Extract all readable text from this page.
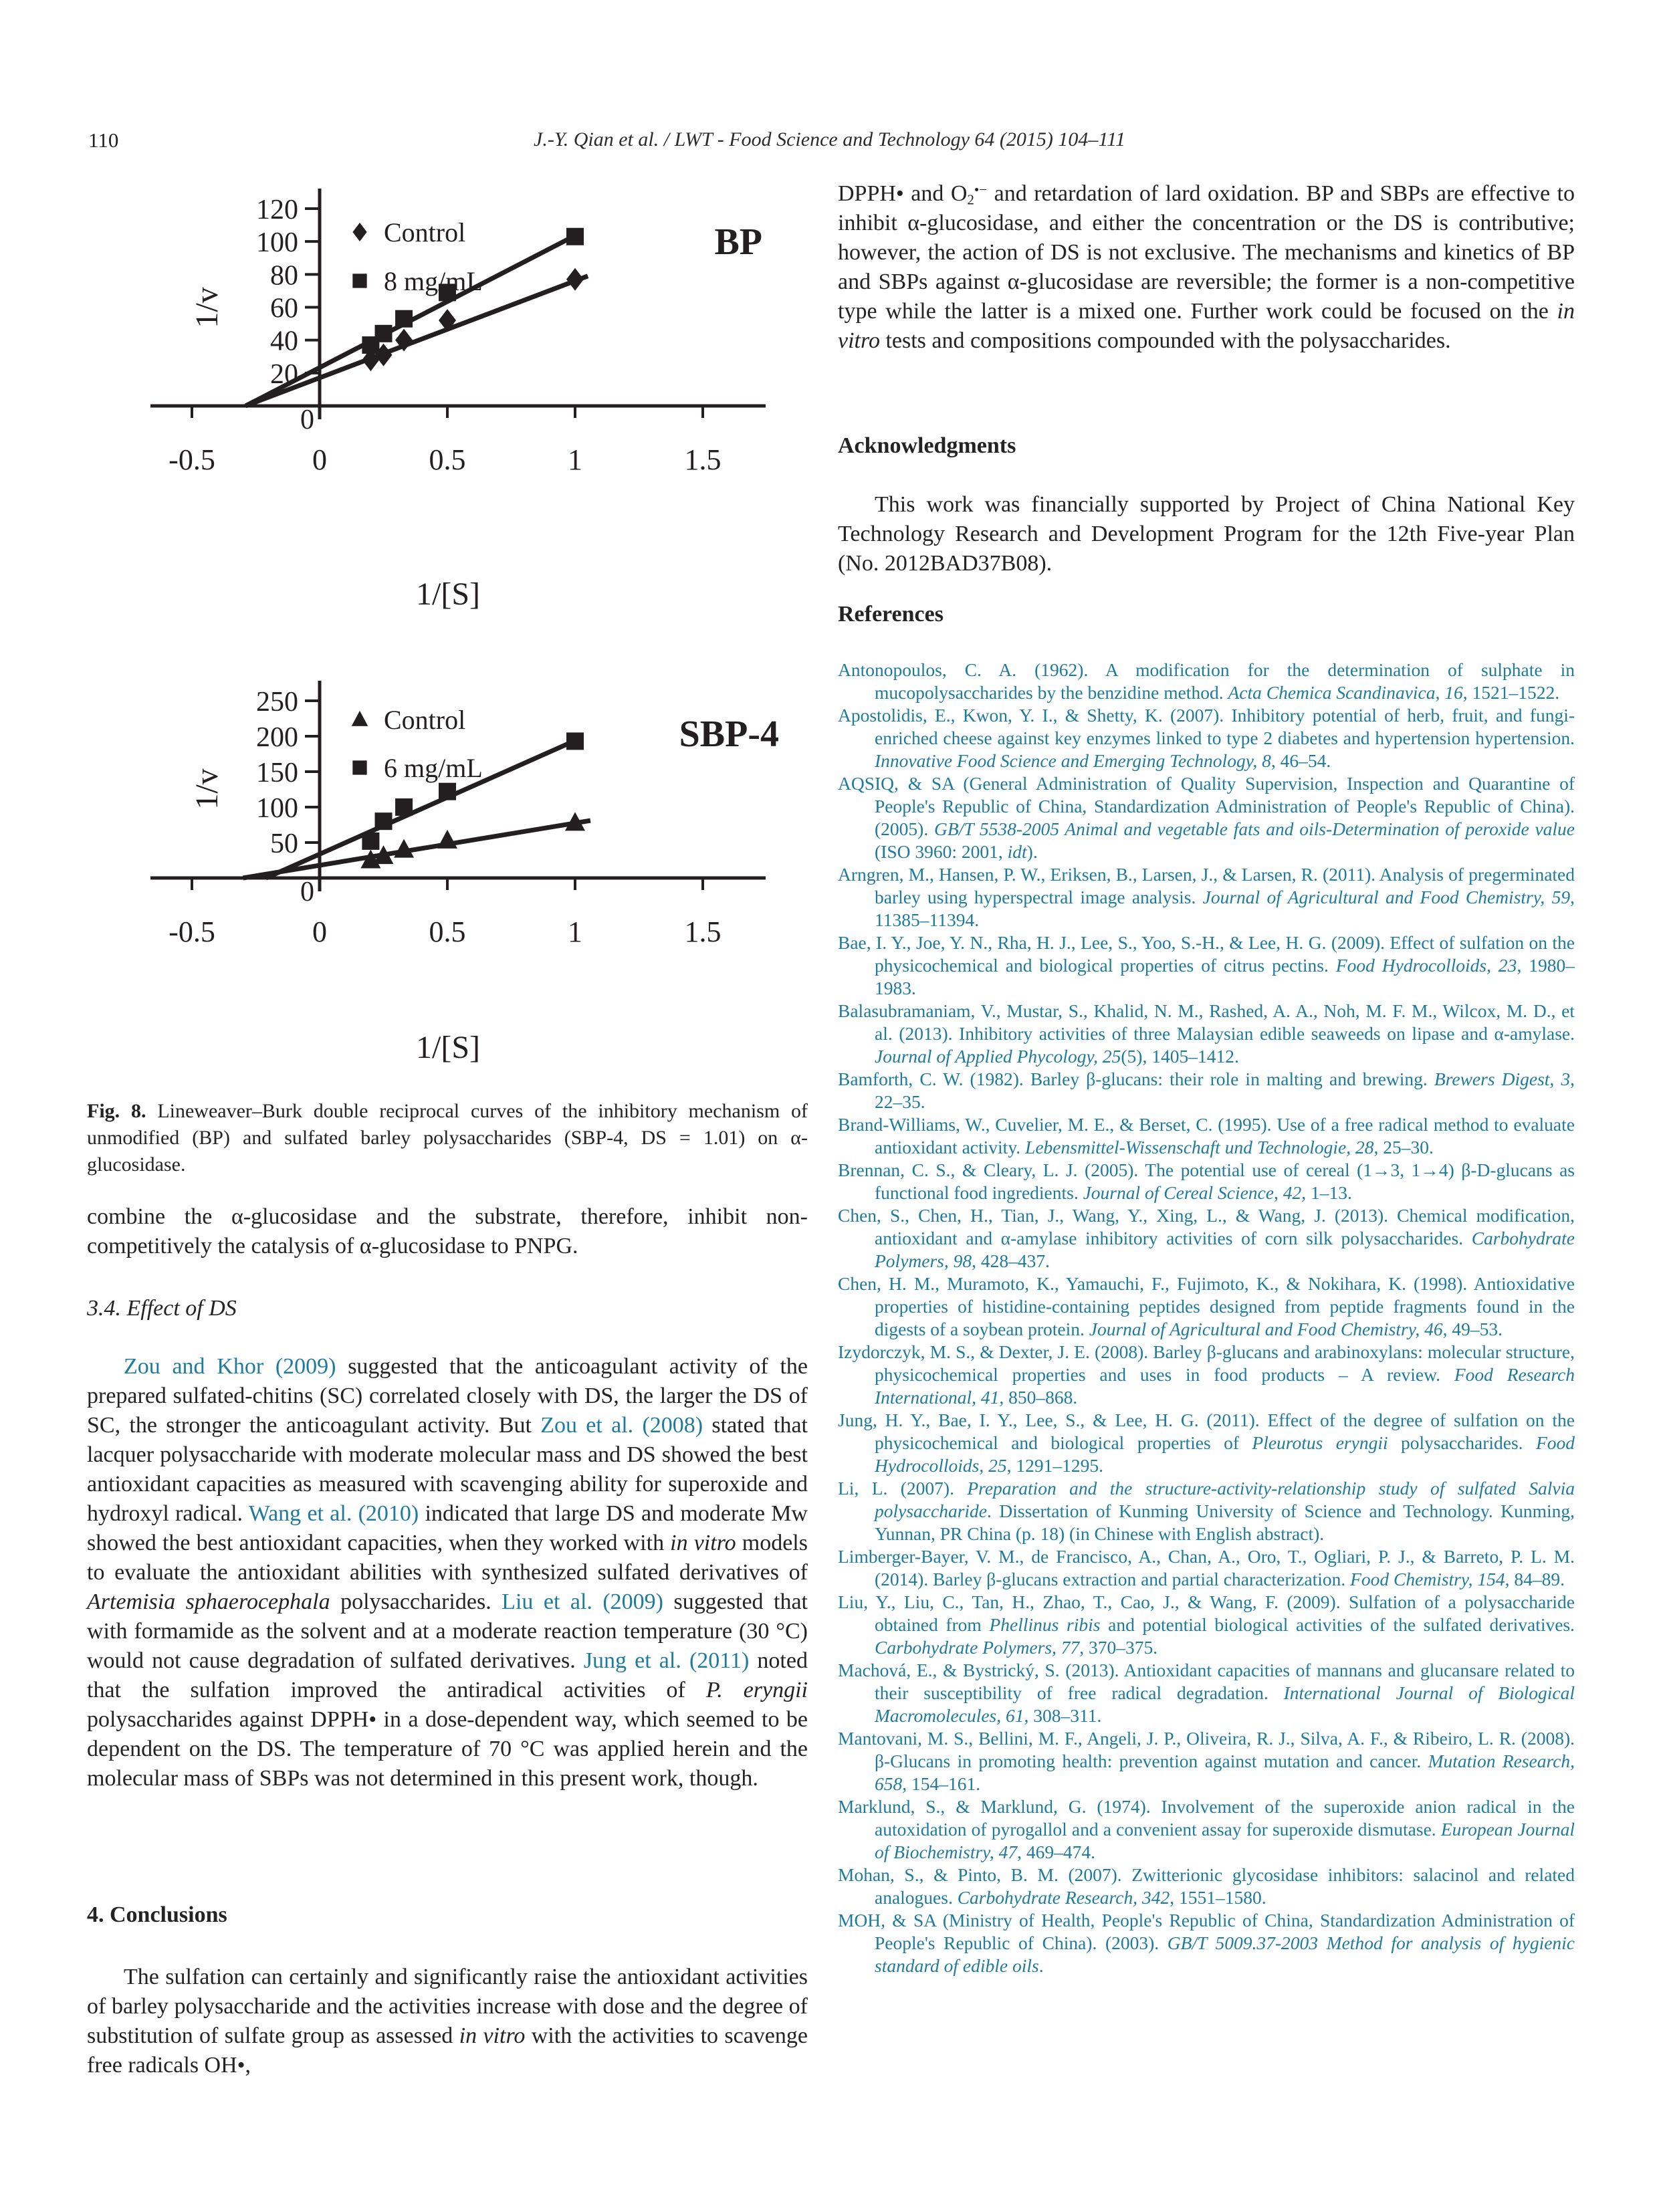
110	J.-Y. Qian et al. / LWT - Food Science and Technology 64 (2015) 104–111
0
20
40
60
80
100
120
-0.5	0	0.5	1	1.5
1/v
1/[S]
BP
Control
8 mg/mL
0
50
100
150
200
250
-0.5	0	0.5	1	1.5
1/v
1/[S]
SBP-4
Control
6 mg/mL
Fig. 8. Lineweaver–Burk double reciprocal curves of the inhibitory mechanism of unmodified (BP) and sulfated barley polysaccharides (SBP-4, DS = 1.01) on α-glucosidase.
combine the α-glucosidase and the substrate, therefore, inhibit non-competitively the catalysis of α-glucosidase to PNPG.
3.4. Effect of DS
Zou and Khor (2009) suggested that the anticoagulant activity of the prepared sulfated-chitins (SC) correlated closely with DS, the larger the DS of SC, the stronger the anticoagulant activity. But Zou et al. (2008) stated that lacquer polysaccharide with moderate molecular mass and DS showed the best antioxidant capacities as measured with scavenging ability for superoxide and hydroxyl radical. Wang et al. (2010) indicated that large DS and moderate Mw showed the best antioxidant capacities, when they worked with in vitro models to evaluate the antioxidant abilities with synthesized sulfated derivatives of Artemisia sphaerocephala polysaccharides. Liu et al. (2009) suggested that with formamide as the solvent and at a moderate reaction temperature (30 °C) would not cause degradation of sulfated derivatives. Jung et al. (2011) noted that the sulfation improved the antiradical activities of P. eryngii polysaccharides against DPPH• in a dose-dependent way, which seemed to be dependent on the DS. The temperature of 70 °C was applied herein and the molecular mass of SBPs was not determined in this present work, though.
4. Conclusions
The sulfation can certainly and significantly raise the antioxidant activities of barley polysaccharide and the activities increase with dose and the degree of substitution of sulfate group as assessed in vitro with the activities to scavenge free radicals OH•,
DPPH• and $O_2^{•-}$ and retardation of lard oxidation. BP and SBPs are effective to inhibit α-glucosidase, and either the concentration or the DS is contributive; however, the action of DS is not exclusive. The mechanisms and kinetics of BP and SBPs against α-glucosidase are reversible; the former is a non-competitive type while the latter is a mixed one. Further work could be focused on the in vitro tests and compositions compounded with the polysaccharides.
Acknowledgments
This work was financially supported by Project of China National Key Technology Research and Development Program for the 12th Five-year Plan (No. 2012BAD37B08).
References
Antonopoulos, C. A. (1962). A modification for the determination of sulphate in mucopolysaccharides by the benzidine method. Acta Chemica Scandinavica, 16, 1521–1522.
Apostolidis, E., Kwon, Y. I., & Shetty, K. (2007). Inhibitory potential of herb, fruit, and fungi-enriched cheese against key enzymes linked to type 2 diabetes and hypertension hypertension. Innovative Food Science and Emerging Technology, 8, 46–54.
AQSIQ, & SA (General Administration of Quality Supervision, Inspection and Quarantine of People's Republic of China, Standardization Administration of People's Republic of China). (2005). GB/T 5538-2005 Animal and vegetable fats and oils-Determination of peroxide value (ISO 3960: 2001, idt).
Arngren, M., Hansen, P. W., Eriksen, B., Larsen, J., & Larsen, R. (2011). Analysis of pregerminated barley using hyperspectral image analysis. Journal of Agricultural and Food Chemistry, 59, 11385–11394.
Bae, I. Y., Joe, Y. N., Rha, H. J., Lee, S., Yoo, S.-H., & Lee, H. G. (2009). Effect of sulfation on the physicochemical and biological properties of citrus pectins. Food Hydrocolloids, 23, 1980–1983.
Balasubramaniam, V., Mustar, S., Khalid, N. M., Rashed, A. A., Noh, M. F. M., Wilcox, M. D., et al. (2013). Inhibitory activities of three Malaysian edible seaweeds on lipase and α-amylase. Journal of Applied Phycology, 25(5), 1405–1412.
Bamforth, C. W. (1982). Barley β-glucans: their role in malting and brewing. Brewers Digest, 3, 22–35.
Brand-Williams, W., Cuvelier, M. E., & Berset, C. (1995). Use of a free radical method to evaluate antioxidant activity. Lebensmittel-Wissenschaft und Technologie, 28, 25–30.
Brennan, C. S., & Cleary, L. J. (2005). The potential use of cereal (1→3, 1→4) β-D-glucans as functional food ingredients. Journal of Cereal Science, 42, 1–13.
Chen, S., Chen, H., Tian, J., Wang, Y., Xing, L., & Wang, J. (2013). Chemical modification, antioxidant and α-amylase inhibitory activities of corn silk polysaccharides. Carbohydrate Polymers, 98, 428–437.
Chen, H. M., Muramoto, K., Yamauchi, F., Fujimoto, K., & Nokihara, K. (1998). Antioxidative properties of histidine-containing peptides designed from peptide fragments found in the digests of a soybean protein. Journal of Agricultural and Food Chemistry, 46, 49–53.
Izydorczyk, M. S., & Dexter, J. E. (2008). Barley β-glucans and arabinoxylans: molecular structure, physicochemical properties and uses in food products – A review. Food Research International, 41, 850–868.
Jung, H. Y., Bae, I. Y., Lee, S., & Lee, H. G. (2011). Effect of the degree of sulfation on the physicochemical and biological properties of Pleurotus eryngii polysaccharides. Food Hydrocolloids, 25, 1291–1295.
Li, L. (2007). Preparation and the structure-activity-relationship study of sulfated Salvia polysaccharide. Dissertation of Kunming University of Science and Technology. Kunming, Yunnan, PR China (p. 18) (in Chinese with English abstract).
Limberger-Bayer, V. M., de Francisco, A., Chan, A., Oro, T., Ogliari, P. J., & Barreto, P. L. M. (2014). Barley β-glucans extraction and partial characterization. Food Chemistry, 154, 84–89.
Liu, Y., Liu, C., Tan, H., Zhao, T., Cao, J., & Wang, F. (2009). Sulfation of a polysaccharide obtained from Phellinus ribis and potential biological activities of the sulfated derivatives. Carbohydrate Polymers, 77, 370–375.
Machová, E., & Bystrický, S. (2013). Antioxidant capacities of mannans and glucansare related to their susceptibility of free radical degradation. International Journal of Biological Macromolecules, 61, 308–311.
Mantovani, M. S., Bellini, M. F., Angeli, J. P., Oliveira, R. J., Silva, A. F., & Ribeiro, L. R. (2008). β-Glucans in promoting health: prevention against mutation and cancer. Mutation Research, 658, 154–161.
Marklund, S., & Marklund, G. (1974). Involvement of the superoxide anion radical in the autoxidation of pyrogallol and a convenient assay for superoxide dismutase. European Journal of Biochemistry, 47, 469–474.
Mohan, S., & Pinto, B. M. (2007). Zwitterionic glycosidase inhibitors: salacinol and related analogues. Carbohydrate Research, 342, 1551–1580.
MOH, & SA (Ministry of Health, People's Republic of China, Standardization Administration of People's Republic of China). (2003). GB/T 5009.37-2003 Method for analysis of hygienic standard of edible oils.
